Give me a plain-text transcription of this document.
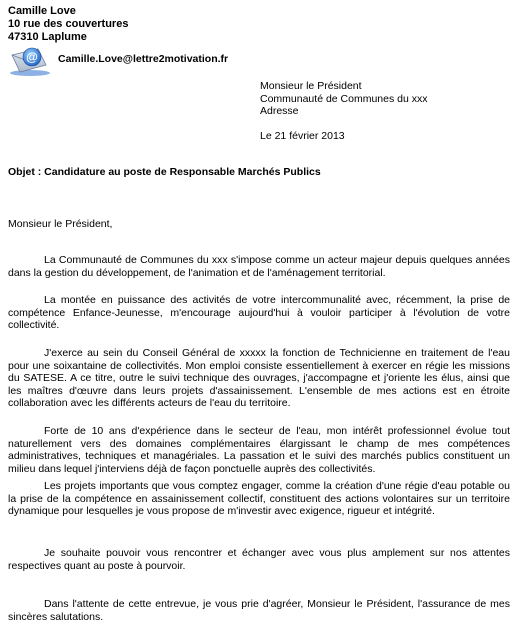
Camille Love
10 rue des couvertures
47310 Laplume
@ Camille.Love@lettre2motivation.fr
Monsieur le Président
Communauté de Communes du xxx
Adresse
Le 21 février 2013
Objet : Candidature au poste de Responsable Marchés Publics
Monsieur le Président,

La Communauté de Communes du xxx s'impose comme un acteur majeur depuis quelques années dans la gestion du développement, de l'animation et de l'aménagement territorial.

La montée en puissance des activités de votre intercommunalité avec, récemment, la prise de compétence Enfance-Jeunesse, m'encourage aujourd'hui à vouloir participer à l'évolution de votre collectivité.

J'exerce au sein du Conseil Général de xxxxx la fonction de Technicienne en traitement de l'eau pour une soixantaine de collectivités. Mon emploi consiste essentiellement à exercer en régie les missions du SATESE. A ce titre, outre le suivi technique des ouvrages, j'accompagne et j'oriente les élus, ainsi que les maîtres d'œuvre dans leurs projets d'assainissement. L'ensemble de mes actions est en étroite collaboration avec les différents acteurs de l'eau du territoire.

Forte de 10 ans d'expérience dans le secteur de l'eau, mon intérêt professionnel évolue tout naturellement vers des domaines complémentaires élargissant le champ de mes compétences administratives, techniques et managériales. La passation et le suivi des marchés publics constituent un milieu dans lequel j'interviens déjà de façon ponctuelle auprès des collectivités.

Les projets importants que vous comptez engager, comme la création d'une régie d'eau potable ou la prise de la compétence en assainissement collectif, constituent des actions volontaires sur un territoire dynamique pour lesquelles je vous propose de m'investir avec exigence, rigueur et intégrité.

Je souhaite pouvoir vous rencontrer et échanger avec vous plus amplement sur nos attentes respectives quant au poste à pourvoir.

Dans l'attente de cette entrevue, je vous prie d'agréer, Monsieur le Président, l'assurance de mes sincères salutations.
